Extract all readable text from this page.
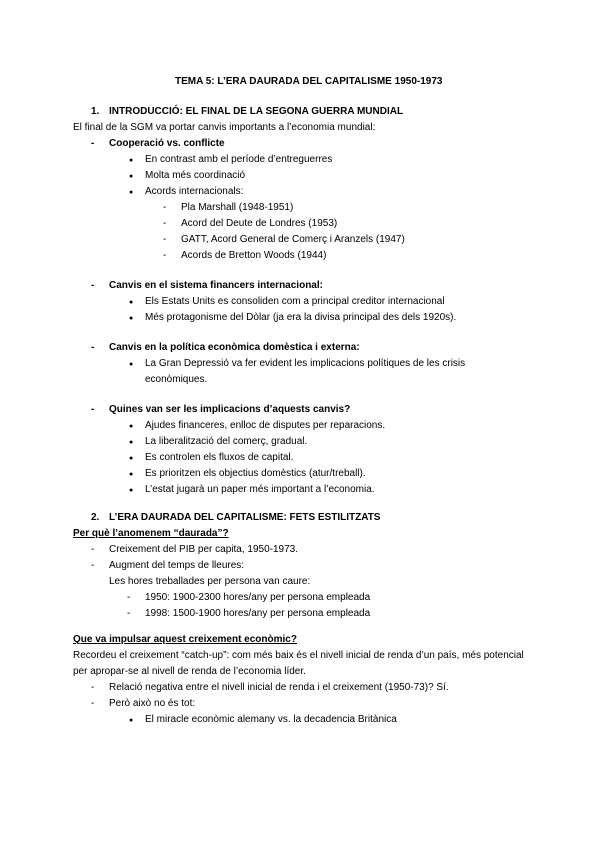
TEMA 5: L’ERA DAURADA DEL CAPITALISME 1950-1973
1. INTRODUCCIÓ: EL FINAL DE LA SEGONA GUERRA MUNDIAL
El final de la SGM va portar canvis importants a l’economia mundial:
- Cooperació vs. conflicte
● En contrast amb el període d’entreguerres
● Molta més coordinació
● Acords internacionals:
- Pla Marshall (1948-1951)
- Acord del Deute de Londres (1953)
- GATT, Acord General de Comerç i Aranzels (1947)
- Acords de Bretton Woods (1944)
- Canvis en el sistema financers internacional:
● Els Estats Units es consoliden com a principal creditor internacional
● Més protagonisme del Dòlar (ja era la divisa principal des dels 1920s).
- Canvis en la política econòmica domèstica i externa:
● La Gran Depressió va fer evident les implicacions polítiques de les crisis
econòmiques.
- Quines van ser les implicacions d’aquests canvis?
● Ajudes financeres, enlloc de disputes per reparacions.
● La liberalització del comerç, gradual.
● Es controlen els fluxos de capital.
● Es prioritzen els objectius domèstics (atur/treball).
● L’estat jugarà un paper més important a l’economia.
2. L’ERA DAURADA DEL CAPITALISME: FETS ESTILITZATS
Per què l’anomenem “daurada”?
- Creixement del PIB per capita, 1950-1973.
- Augment del temps de lleures:
Les hores treballades per persona van caure:
- 1950: 1900-2300 hores/any per persona empleada
- 1998: 1500-1900 hores/any per persona empleada
Que va impulsar aquest creixement econòmic?
Recordeu el creixement “catch-up”: com més baix és el nivell inicial de renda d’un país, més potencial
per apropar-se al nivell de renda de l’economia líder.
- Relació negativa entre el nivell inicial de renda i el creixement (1950-73)? Sí.
- Però això no és tot:
● El miracle econòmic alemany vs. la decadencia Britànica
